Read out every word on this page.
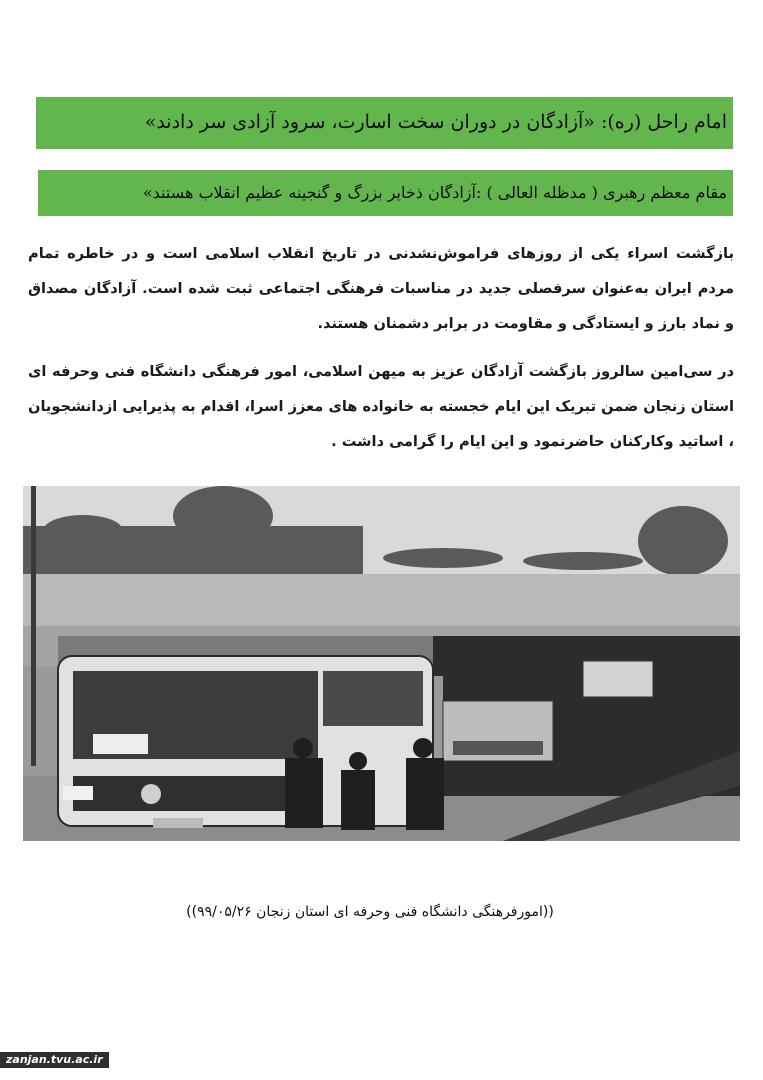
امام راحل (ره): «آزادگان در دوران سخت اسارت، سرود آزادی سر دادند»
مقام معظم رهبری ( مدظله العالی ) :آزادگان ذخایر بزرگ و گنجینه عظیم انقلاب هستند»

بازگشت اسراء یکی از روزهای فراموش‌نشدنی در تاریخ انقلاب اسلامی است و در خاطره تمام مردم ایران به‌عنوان سرفصلی جدید در مناسبات فرهنگی اجتماعی ثبت شده است. آزادگان مصداق و نماد بارز و ایستادگی و مقاومت در برابر دشمنان هستند.

در سی‌امین سالروز بازگشت آزادگان عزیز به میهن اسلامی، امور فرهنگی دانشگاه فنی وحرفه ای استان زنجان ضمن تبریک این ایام خجسته به خانواده های معزز اسرا، اقدام به پذیرایی ازدانشجویان ، اساتید وکارکنان حاضرنمود و این ایام را گرامی داشت .

((امورفرهنگی دانشگاه فنی وحرفه ای استان زنجان ۹۹/۰۵/۲۶))
zanjan.tvu.ac.ir
